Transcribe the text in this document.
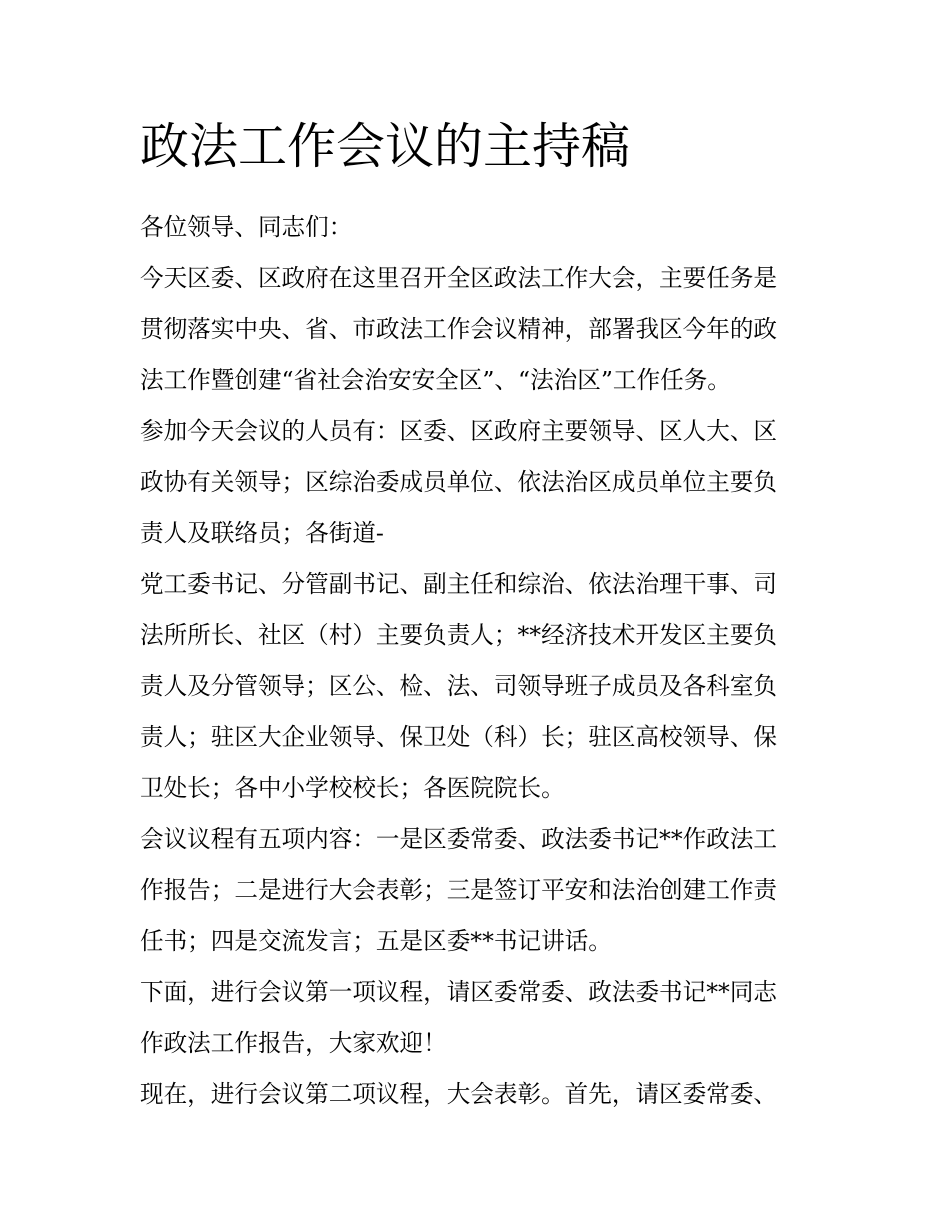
政法工作会议的主持稿
各位领导、同志们：
今天区委、区政府在这里召开全区政法工作大会，主要任务是
贯彻落实中央、省、市政法工作会议精神，部署我区今年的政
法工作暨创建“省社会治安安全区”、“法治区”工作任务。
参加今天会议的人员有：区委、区政府主要领导、区人大、区
政协有关领导；区综治委成员单位、依法治区成员单位主要负
责人及联络员；各街道-
党工委书记、分管副书记、副主任和综治、依法治理干事、司
法所所长、社区（村）主要负责人；**经济技术开发区主要负
责人及分管领导；区公、检、法、司领导班子成员及各科室负
责人；驻区大企业领导、保卫处（科）长；驻区高校领导、保
卫处长；各中小学校校长；各医院院长。
会议议程有五项内容：一是区委常委、政法委书记**作政法工
作报告；二是进行大会表彰；三是签订平安和法治创建工作责
任书；四是交流发言；五是区委**书记讲话。
下面，进行会议第一项议程，请区委常委、政法委书记**同志
作政法工作报告，大家欢迎！
现在，进行会议第二项议程，大会表彰。首先，请区委常委、
